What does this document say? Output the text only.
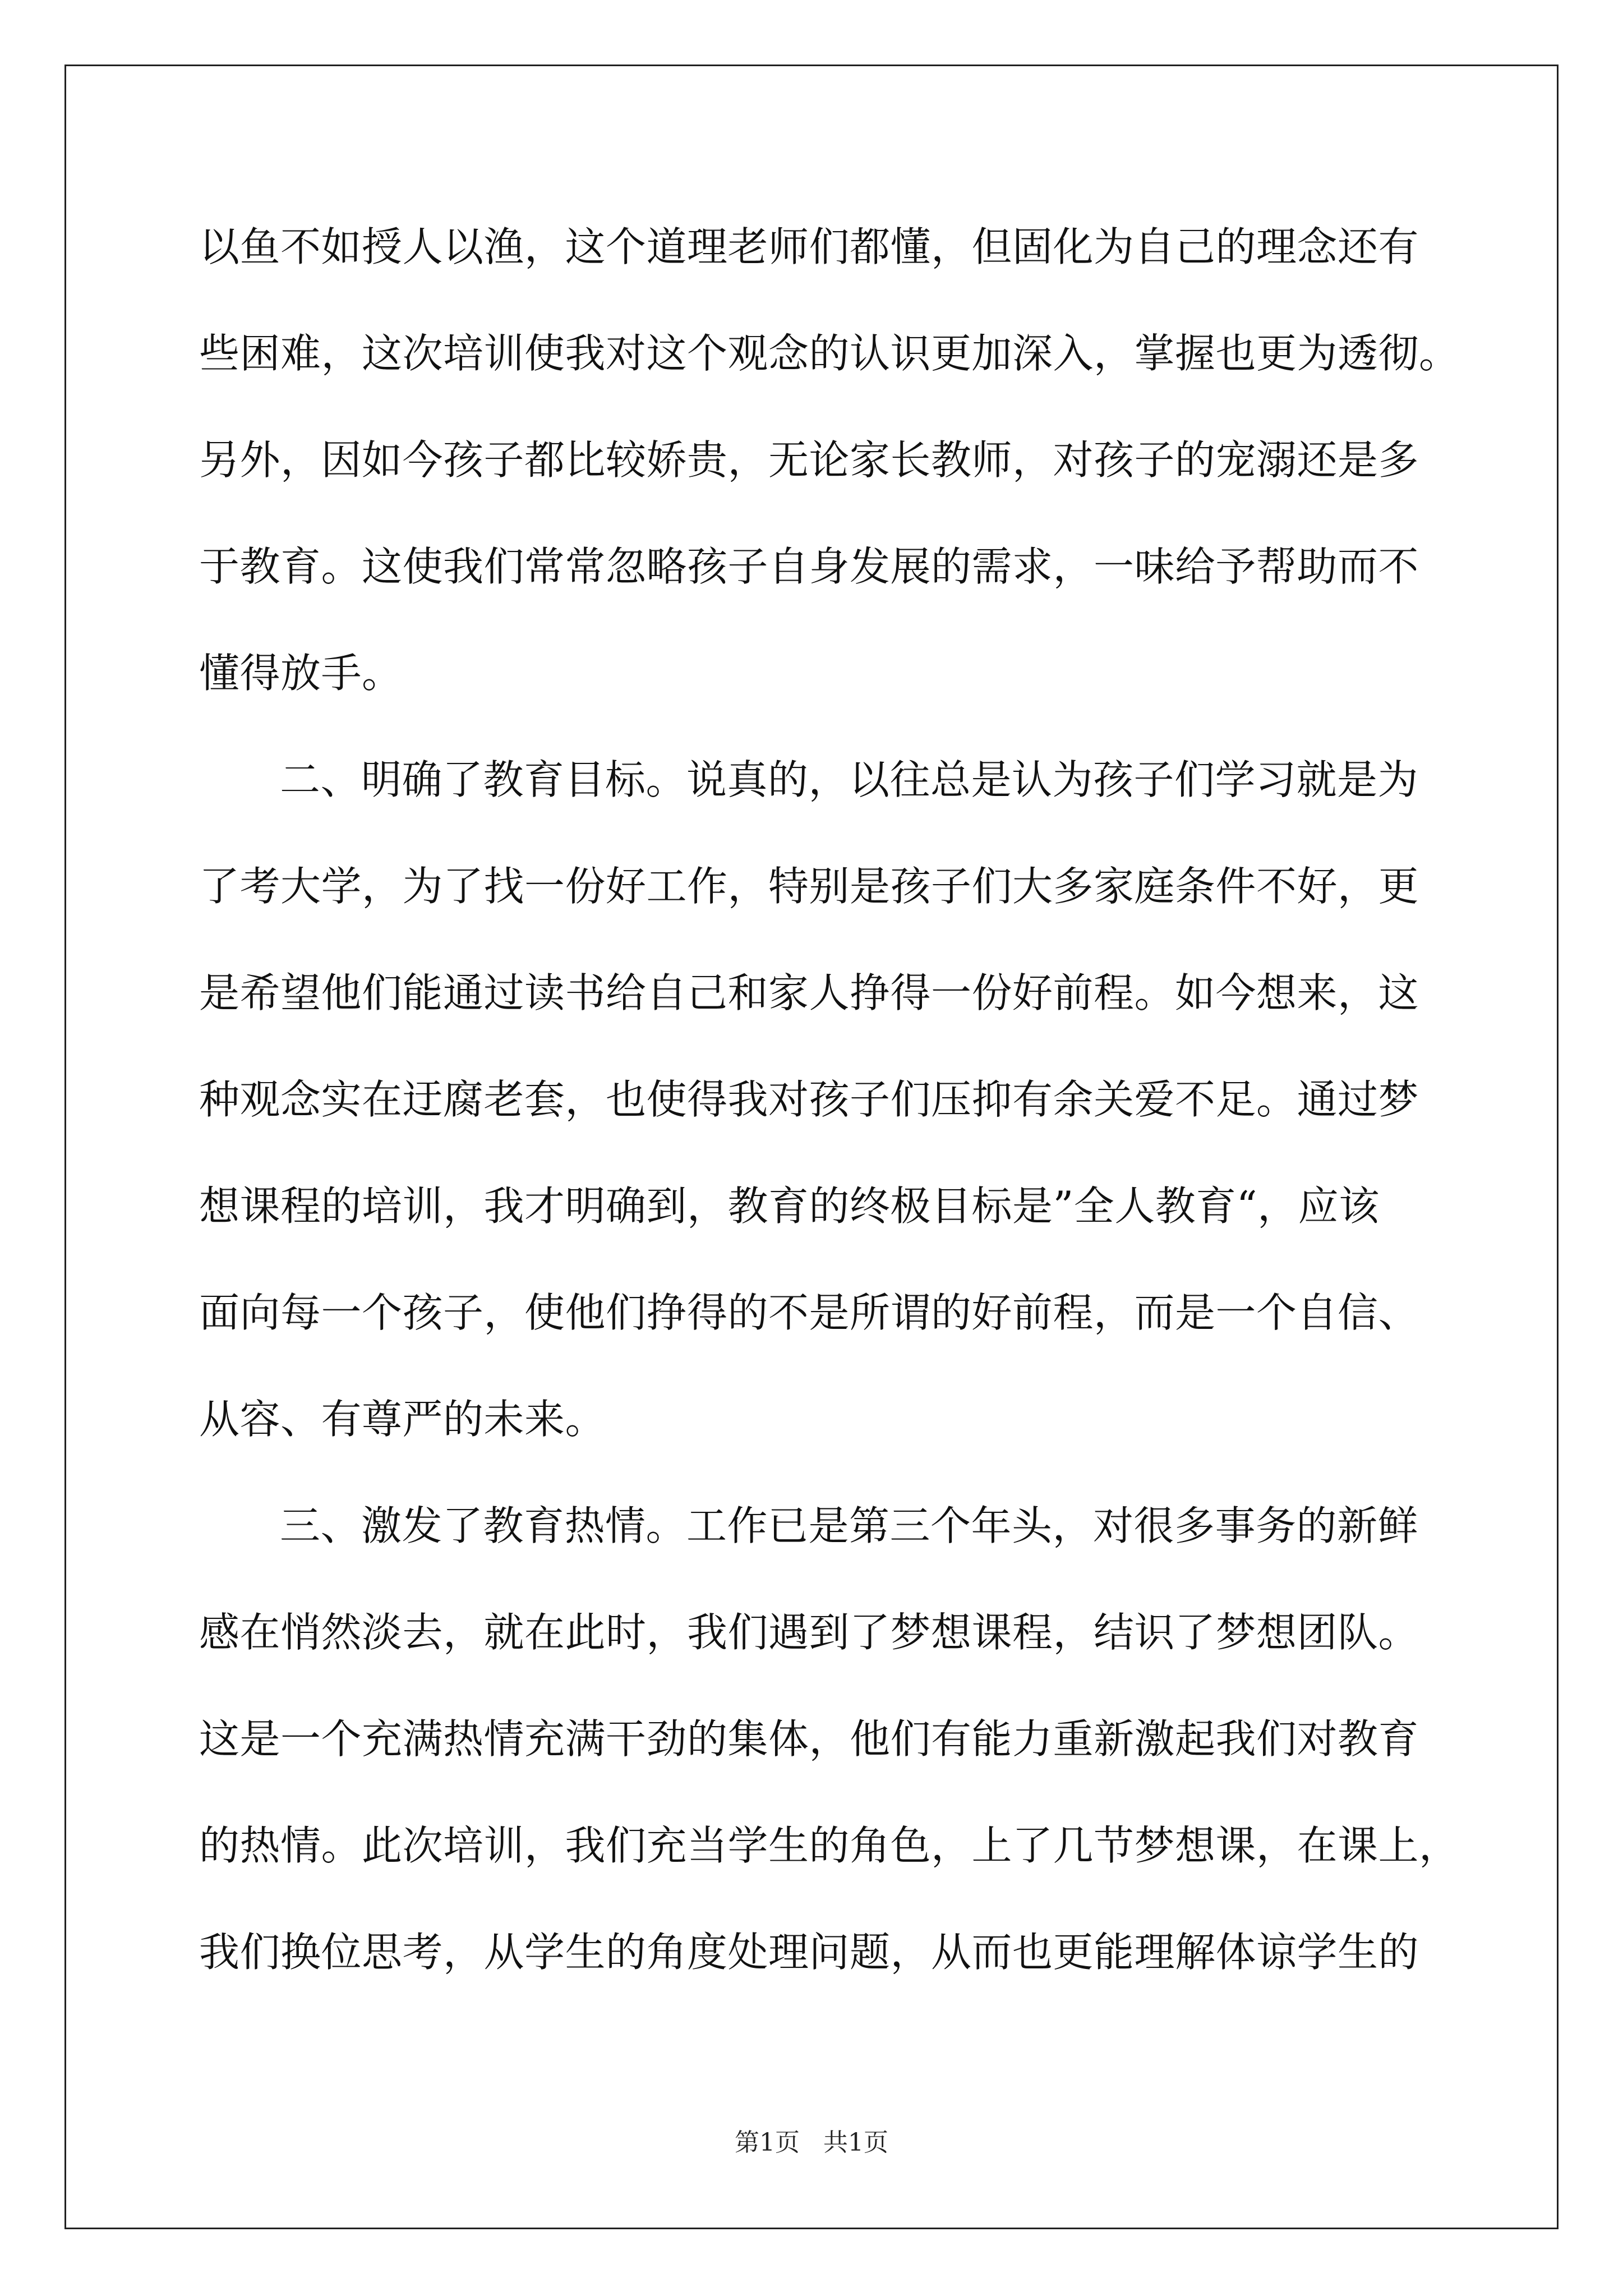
以鱼不如授人以渔，这个道理老师们都懂，但固化为自己的理念还有
些困难，这次培训使我对这个观念的认识更加深入，掌握也更为透彻。
另外，因如今孩子都比较娇贵，无论家长教师，对孩子的宠溺还是多
于教育。这使我们常常忽略孩子自身发展的需求，一味给予帮助而不
懂得放手。
二、明确了教育目标。说真的，以往总是认为孩子们学习就是为
了考大学，为了找一份好工作，特别是孩子们大多家庭条件不好，更
是希望他们能通过读书给自己和家人挣得一份好前程。如今想来，这
种观念实在迂腐老套，也使得我对孩子们压抑有余关爱不足。通过梦
想课程的培训，我才明确到，教育的终极目标是”全人教育“，应该
面向每一个孩子，使他们挣得的不是所谓的好前程，而是一个自信、
从容、有尊严的未来。
三、激发了教育热情。工作已是第三个年头，对很多事务的新鲜
感在悄然淡去，就在此时，我们遇到了梦想课程，结识了梦想团队。
这是一个充满热情充满干劲的集体，他们有能力重新激起我们对教育
的热情。此次培训，我们充当学生的角色，上了几节梦想课，在课上，
我们换位思考，从学生的角度处理问题，从而也更能理解体谅学生的
第1页 共1页
